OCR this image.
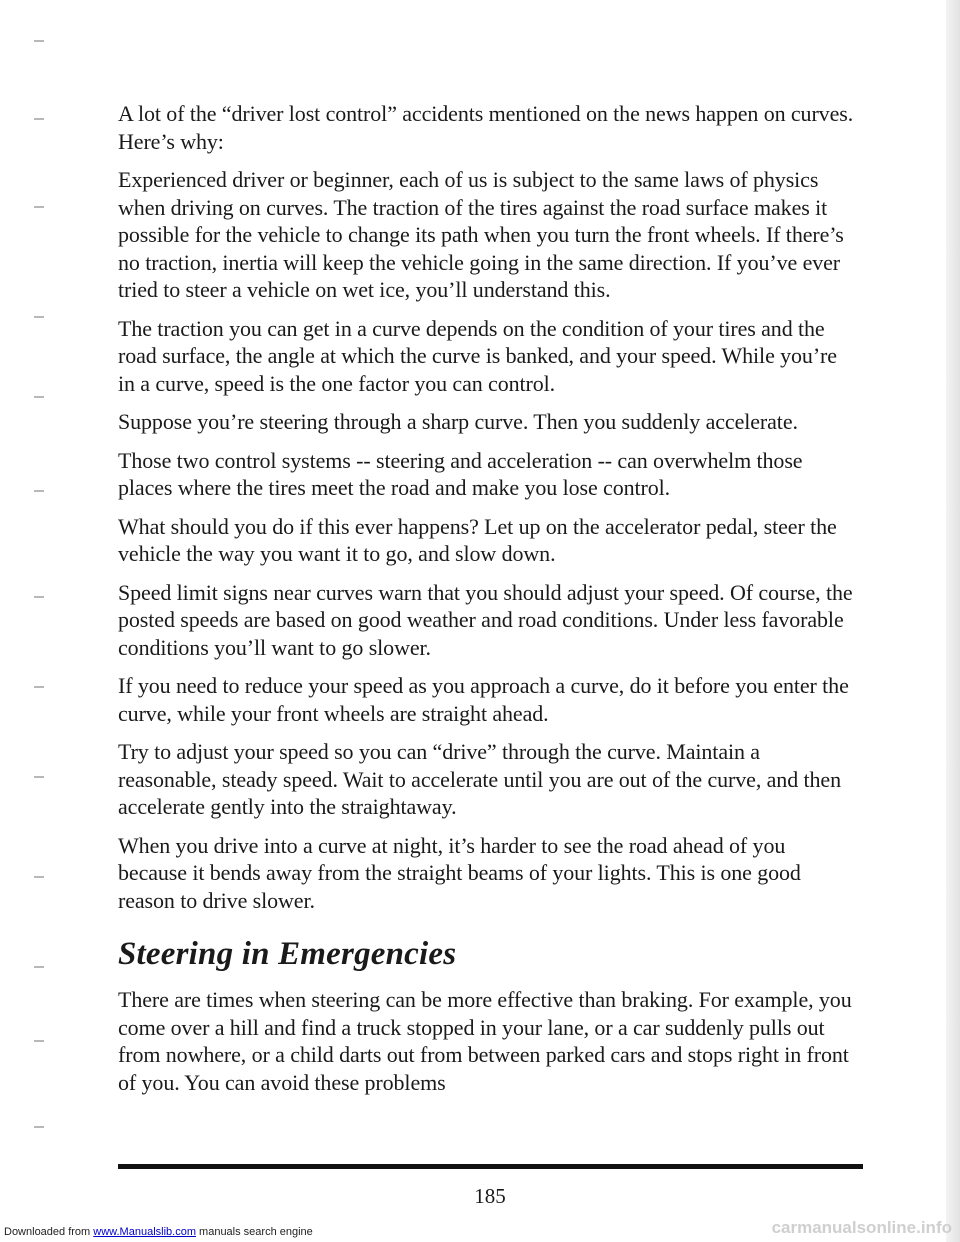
A lot of the “driver lost control” accidents mentioned on the news happen on curves. Here’s why:

Experienced driver or beginner, each of us is subject to the same laws of physics when driving on curves. The traction of the tires against the road surface makes it possible for the vehicle to change its path when you turn the front wheels. If there’s no traction, inertia will keep the vehicle going in the same direction. If you’ve ever tried to steer a vehicle on wet ice, you’ll understand this.

The traction you can get in a curve depends on the condition of your tires and the road surface, the angle at which the curve is banked, and your speed. While you’re in a curve, speed is the one factor you can control.

Suppose you’re steering through a sharp curve. Then you suddenly accelerate.

Those two control systems -- steering and acceleration -- can overwhelm those places where the tires meet the road and make you lose control.

What should you do if this ever happens? Let up on the accelerator pedal, steer the vehicle the way you want it to go, and slow down.

Speed limit signs near curves warn that you should adjust your speed. Of course, the posted speeds are based on good weather and road conditions. Under less favorable conditions you’ll want to go slower.

If you need to reduce your speed as you approach a curve, do it before you enter the curve, while your front wheels are straight ahead.

Try to adjust your speed so you can “drive” through the curve. Maintain a reasonable, steady speed. Wait to accelerate until you are out of the curve, and then accelerate gently into the straightaway.

When you drive into a curve at night, it’s harder to see the road ahead of you because it bends away from the straight beams of your lights. This is one good reason to drive slower.

Steering in Emergencies

There are times when steering can be more effective than braking. For example, you come over a hill and find a truck stopped in your lane, or a car suddenly pulls out from nowhere, or a child darts out from between parked cars and stops right in front of you. You can avoid these problems

185
Downloaded from www.Manualslib.com manuals search engine	carmanualsonline.info
